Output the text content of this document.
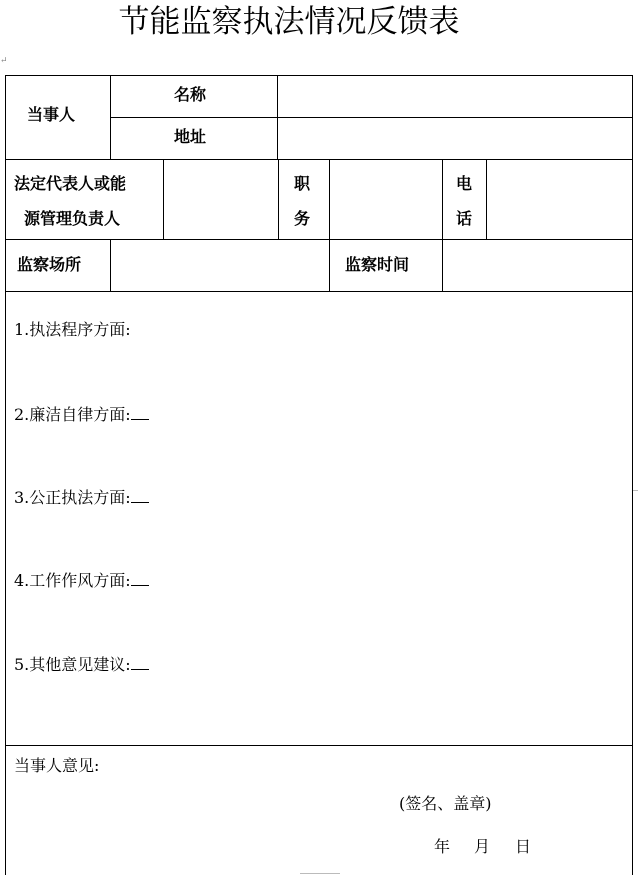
节能监察执法情况反馈表
↵
当事人
名称
地址
法定代表人或能
源管理负责人
职
务
电
话
监察场所	监察时间
1.执法程序方面:
2.廉洁自律方面:
3.公正执法方面:
4.工作作风方面:
5.其他意见建议:
当事人意见:
(签名、盖章)
年 月 日
